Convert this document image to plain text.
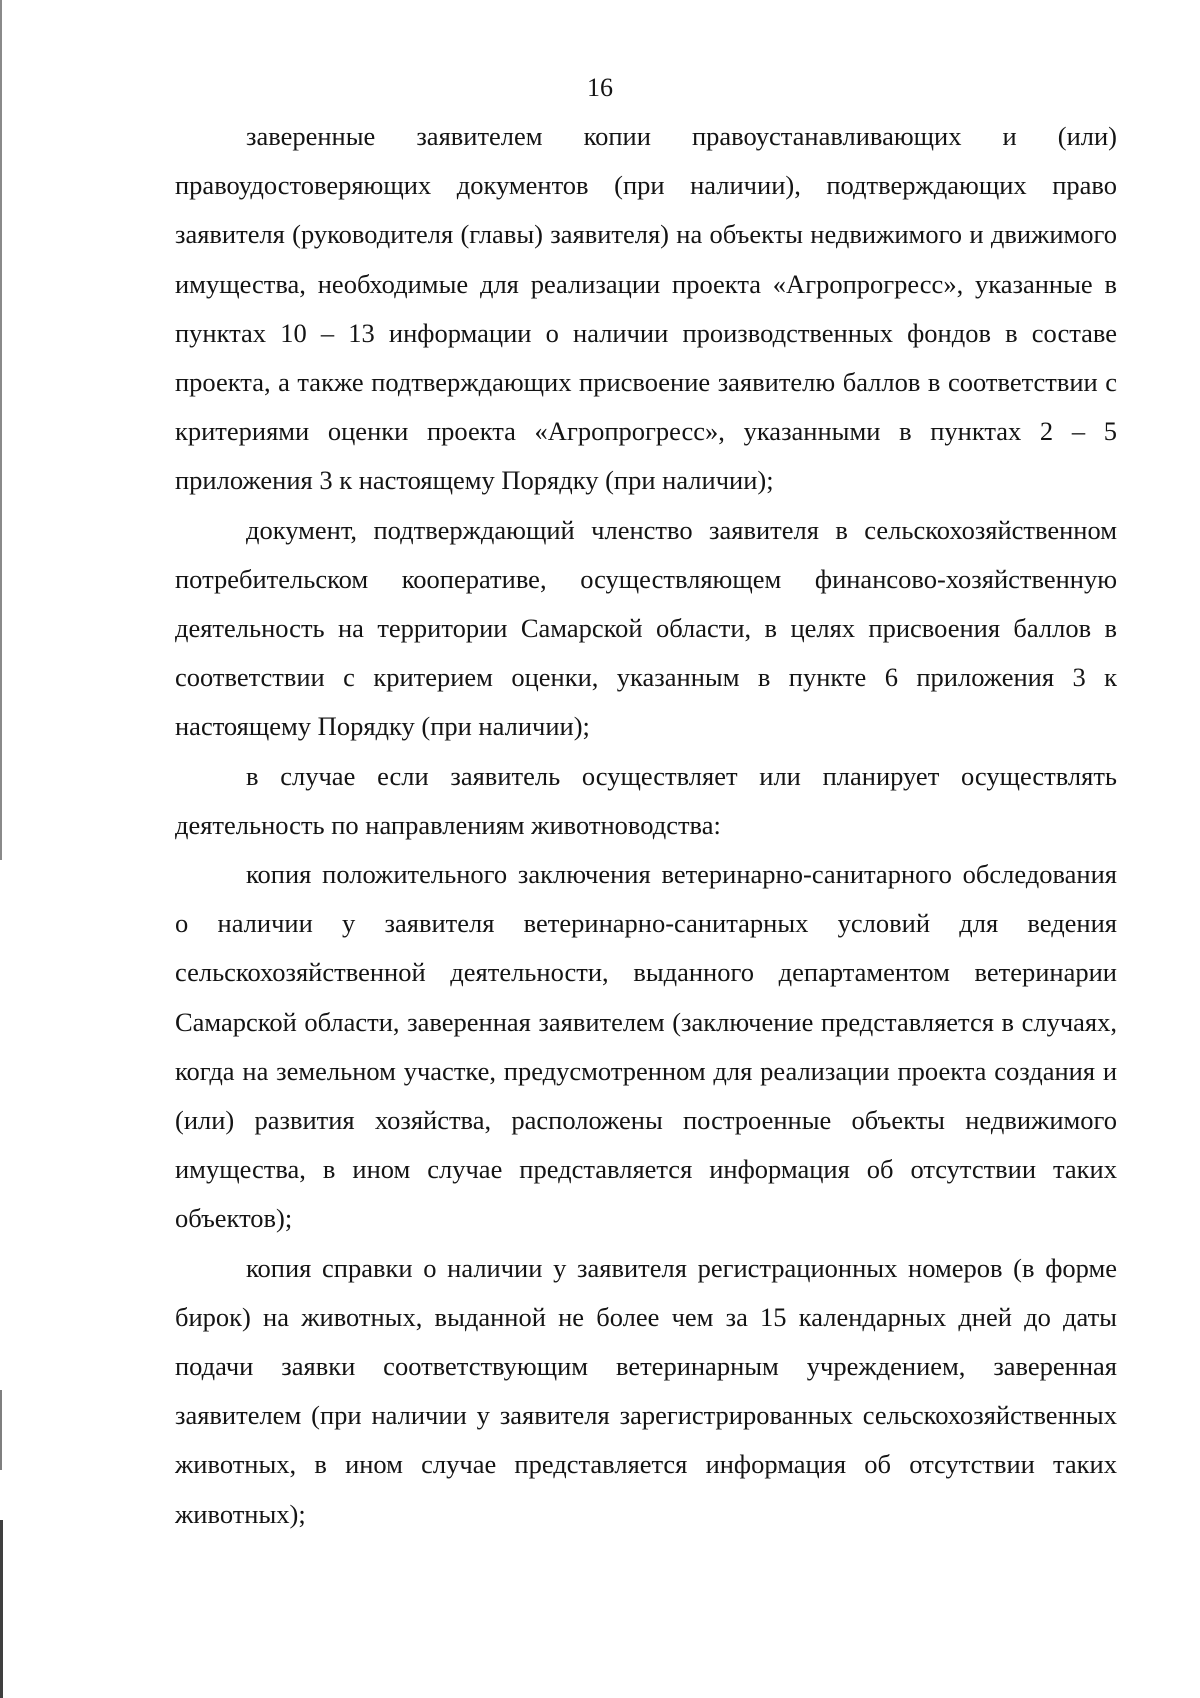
16

заверенные заявителем копии правоустанавливающих и (или) правоудостоверяющих документов (при наличии), подтверждающих право заявителя (руководителя (главы) заявителя) на объекты недвижимого и движимого имущества, необходимые для реализации проекта «Агропрогресс», указанные в пунктах 10 – 13 информации о наличии производственных фондов в составе проекта, а также подтверждающих присвоение заявителю баллов в соответствии с критериями оценки проекта «Агропрогресс», указанными в пунктах 2 – 5 приложения 3 к настоящему Порядку (при наличии);

документ, подтверждающий членство заявителя в сельскохозяйственном потребительском кооперативе, осуществляющем финансово-хозяйственную деятельность на территории Самарской области, в целях присвоения баллов в соответствии с критерием оценки, указанным в пункте 6 приложения 3 к настоящему Порядку (при наличии);

в случае если заявитель осуществляет или планирует осуществлять деятельность по направлениям животноводства:

копия положительного заключения ветеринарно-санитарного обследования о наличии у заявителя ветеринарно-санитарных условий для ведения сельскохозяйственной деятельности, выданного департаментом ветеринарии Самарской области, заверенная заявителем (заключение представляется в случаях, когда на земельном участке, предусмотренном для реализации проекта создания и (или) развития хозяйства, расположены построенные объекты недвижимого имущества, в ином случае представляется информация об отсутствии таких объектов);

копия справки о наличии у заявителя регистрационных номеров (в форме бирок) на животных, выданной не более чем за 15 календарных дней до даты подачи заявки соответствующим ветеринарным учреждением, заверенная заявителем (при наличии у заявителя зарегистрированных сельскохозяйственных животных, в ином случае представляется информация об отсутствии таких животных);
